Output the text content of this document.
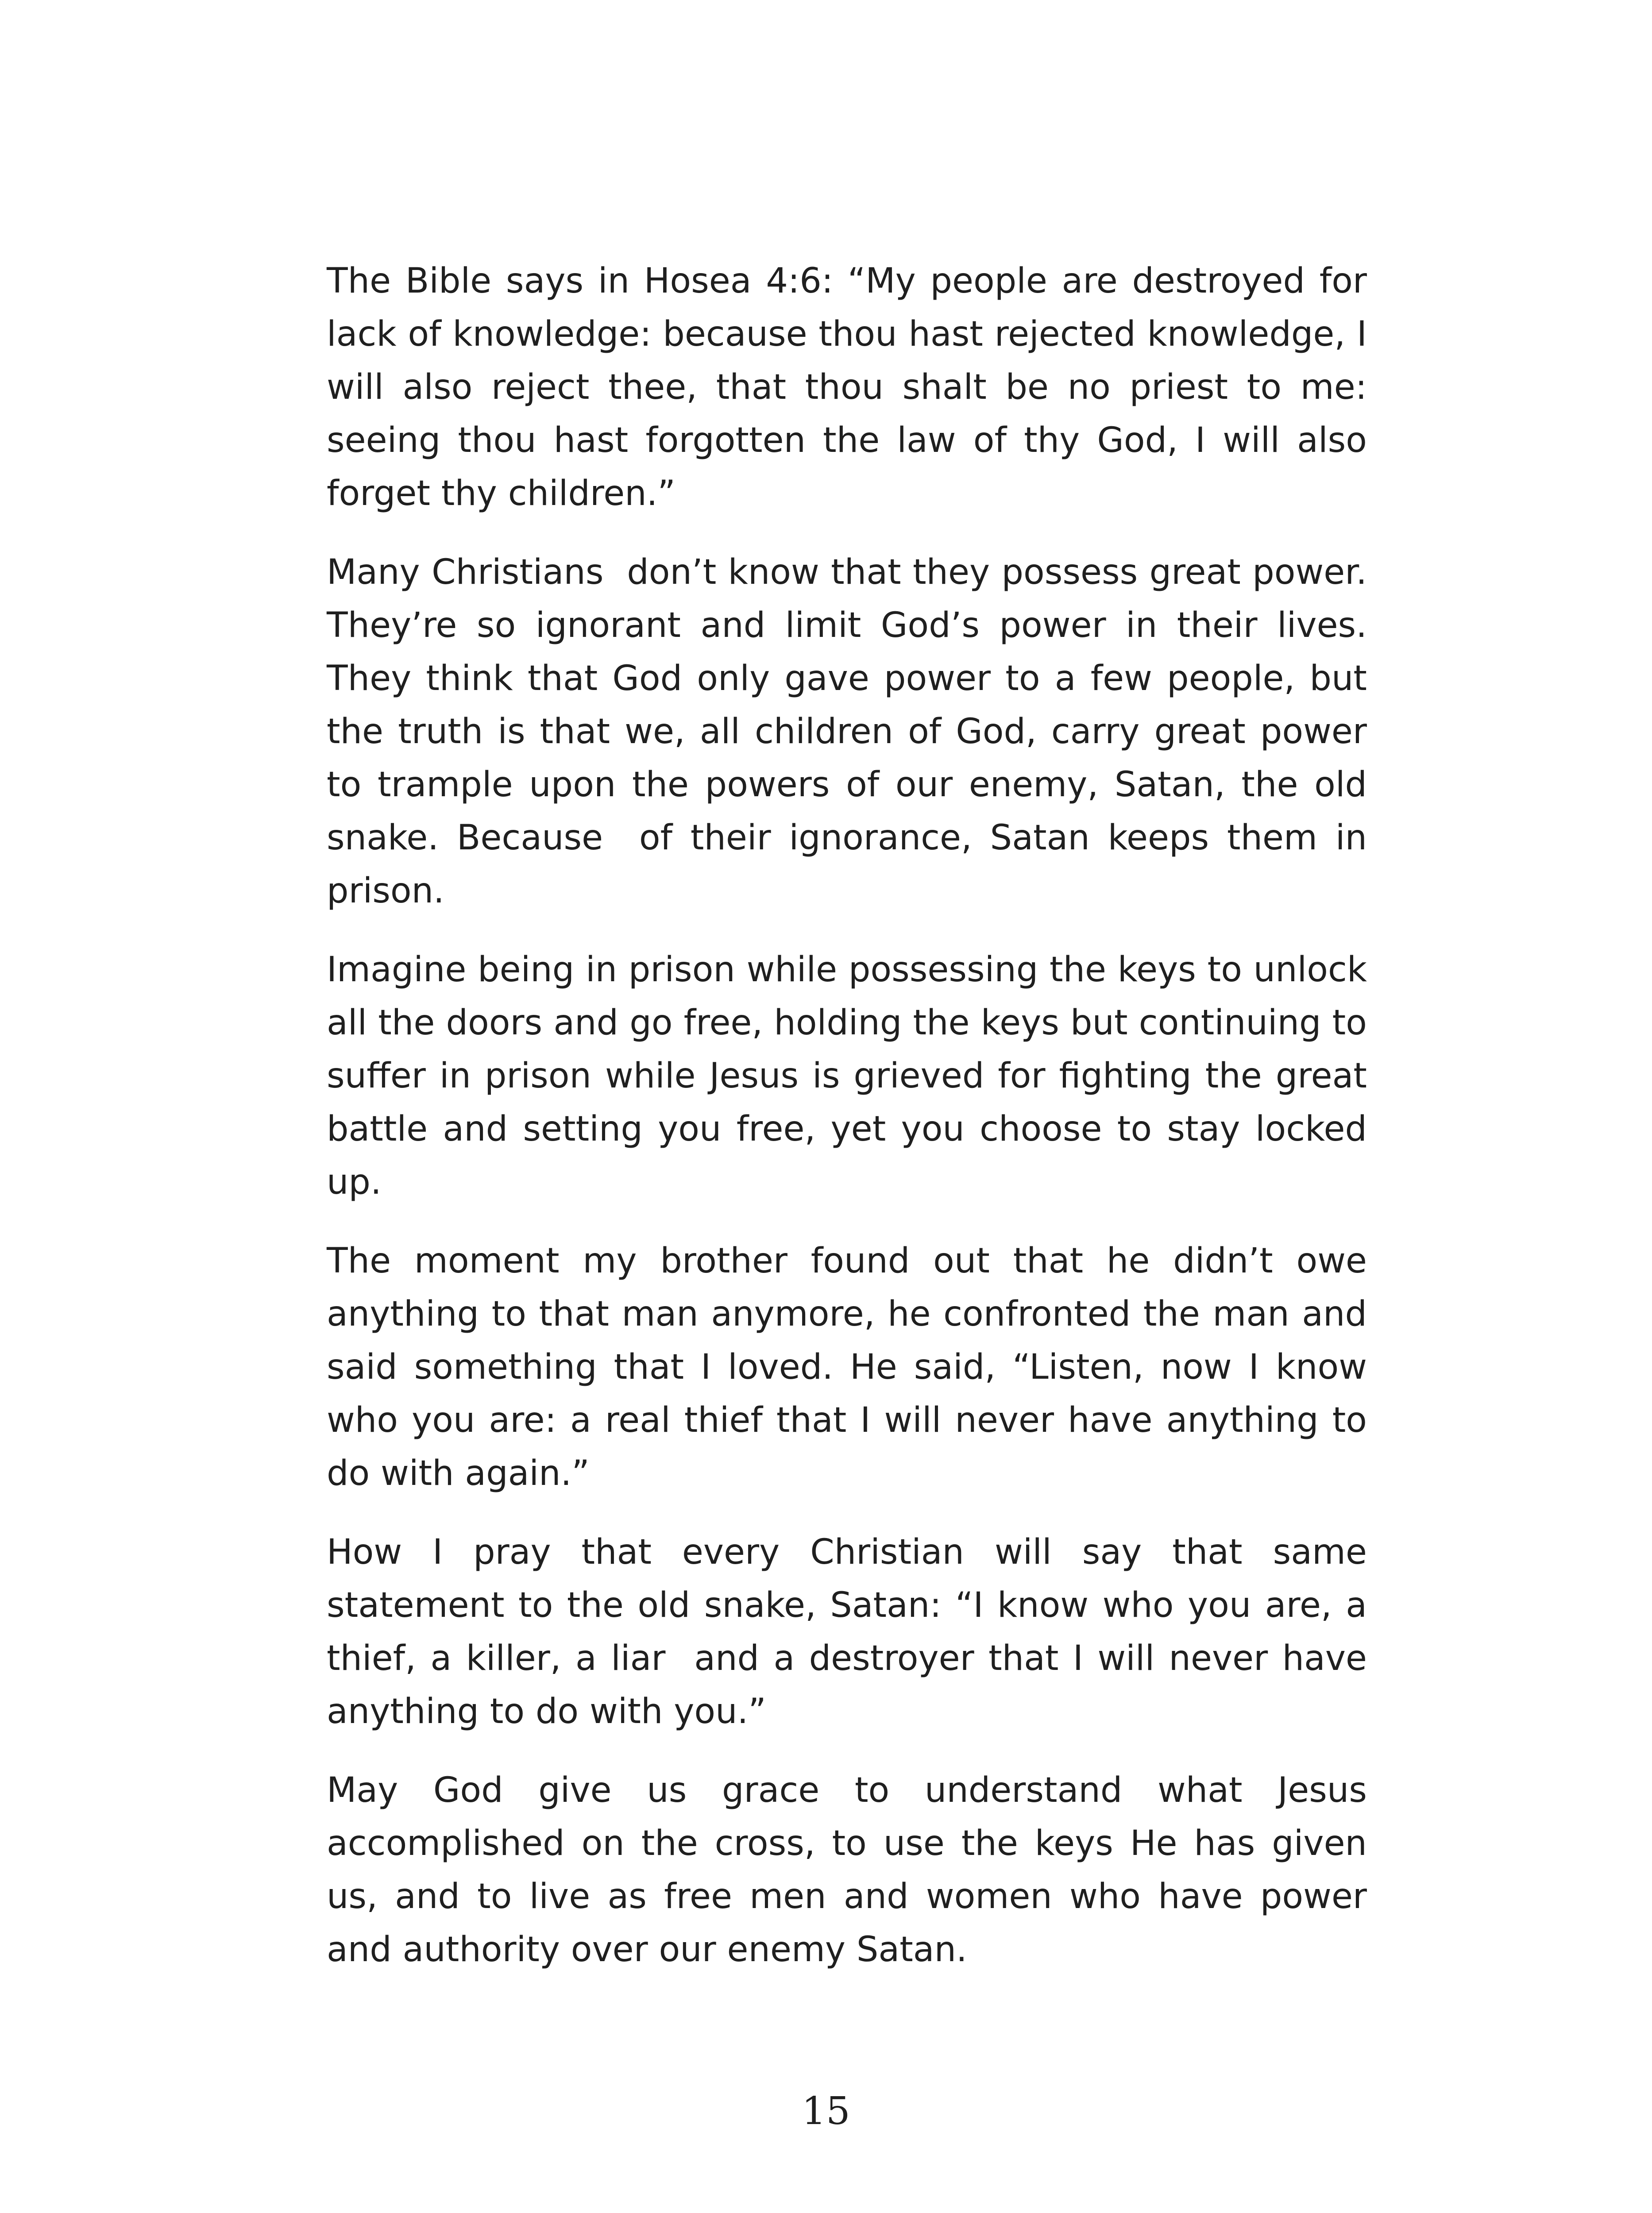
The Bible says in Hosea 4:6: “My people are destroyed for lack of knowledge: because thou hast rejected knowledge, I will also reject thee, that thou shalt be no priest to me: seeing thou hast forgotten the law of thy God, I will also forget thy children.”

Many Christians  don’t know that they possess great power. They’re so ignorant and limit God’s power in their lives. They think that God only gave power to a few people, but the truth is that we, all children of God, carry great power to trample upon the powers of our enemy, Satan, the old snake. Because  of their ignorance, Satan keeps them in prison.

Imagine being in prison while possessing the keys to unlock all the doors and go free, holding the keys but continuing to suffer in prison while Jesus is grieved for fighting the great battle and setting you free, yet you choose to stay locked up.

The moment my brother found out that he didn’t owe anything to that man anymore, he confronted the man and said something that I loved. He said, “Listen, now I know who you are: a real thief that I will never have anything to do with again.”

How I pray that every Christian will say that same statement to the old snake, Satan: “I know who you are, a thief, a killer, a liar  and a destroyer that I will never have anything to do with you.”

May God give us grace to understand what Jesus accomplished on the cross, to use the keys He has given us, and to live as free men and women who have power and authority over our enemy Satan.

15
